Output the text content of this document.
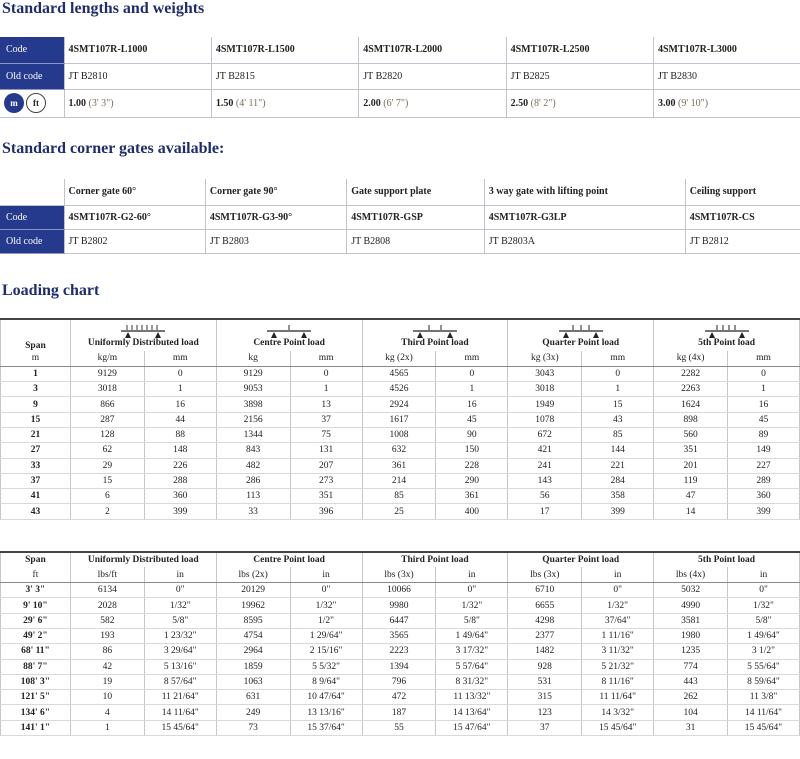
Standard lengths and weights
Standard corner gates available:
Loading chart
Code	4SMT107R-L1000	4SMT107R-L1500	4SMT107R-L2000	4SMT107R-L2500	4SMT107R-L3000
Old code	JT B2810	JT B2815	JT B2820	JT B2825	JT B2830
m ft	1.00 (3' 3")	1.50 (4' 11")	2.00 (6' 7")	2.50 (8' 2")	3.00 (9' 10")
	Corner gate 60°	Corner gate 90°	Gate support plate	3 way gate with lifting point	Ceiling support
Code	4SMT107R-G2-60°	4SMT107R-G3-90°	4SMT107R-GSP	4SMT107R-G3LP	4SMT107R-CS
Old code	JT B2802	JT B2803	JT B2808	JT B2803A	JT B2812
Span	Uniformly Distributed load		Centre Point load		Third Point load		Quarter Point load		5th Point load	

m	kg/m	mm	kg	mm	kg (2x)	mm	kg (3x)	mm	kg (4x)	mm
1	9129	0	9129	0	4565	0	3043	0	2282	0
3	3018	1	9053	1	4526	1	3018	1	2263	1
9	866	16	3898	13	2924	16	1949	15	1624	16
15	287	44	2156	37	1617	45	1078	43	898	45
21	128	88	1344	75	1008	90	672	85	560	89
27	62	148	843	131	632	150	421	144	351	149
33	29	226	482	207	361	228	241	221	201	227
37	15	288	286	273	214	290	143	284	119	289
41	6	360	113	351	85	361	56	358	47	360
43	2	399	33	396	25	400	17	399	14	399
Span	Uniformly Distributed load		Centre Point load		Third Point load		Quarter Point load		5th Point load	
ft	lbs/ft	in	lbs (2x)	in	lbs (3x)	in	lbs (3x)	in	lbs (4x)	in
3' 3"	6134	0"	20129	0"	10066	0"	6710	0"	5032	0"
9' 10"	2028	1/32"	19962	1/32"	9980	1/32"	6655	1/32"	4990	1/32"
29' 6"	582	5/8"	8595	1/2"	6447	5/8"	4298	37/64"	3581	5/8"
49' 2"	193	1 23/32"	4754	1 29/64"	3565	1 49/64"	2377	1 11/16"	1980	1 49/64"
68' 11"	86	3 29/64"	2964	2 15/16"	2223	3 17/32"	1482	3 11/32"	1235	3 1/2"
88' 7"	42	5 13/16"	1859	5 5/32"	1394	5 57/64"	928	5 21/32"	774	5 55/64"
108' 3"	19	8 57/64"	1063	8 9/64"	796	8 31/32"	531	8 11/16"	443	8 59/64"
121' 5"	10	11 21/64"	631	10 47/64"	472	11 13/32"	315	11 11/64"	262	11 3/8"
134' 6"	4	14 11/64"	249	13 13/16"	187	14 13/64"	123	14 3/32"	104	14 11/64"
141' 1"	1	15 45/64"	73	15 37/64"	55	15 47/64"	37	15 45/64"	31	15 45/64"
